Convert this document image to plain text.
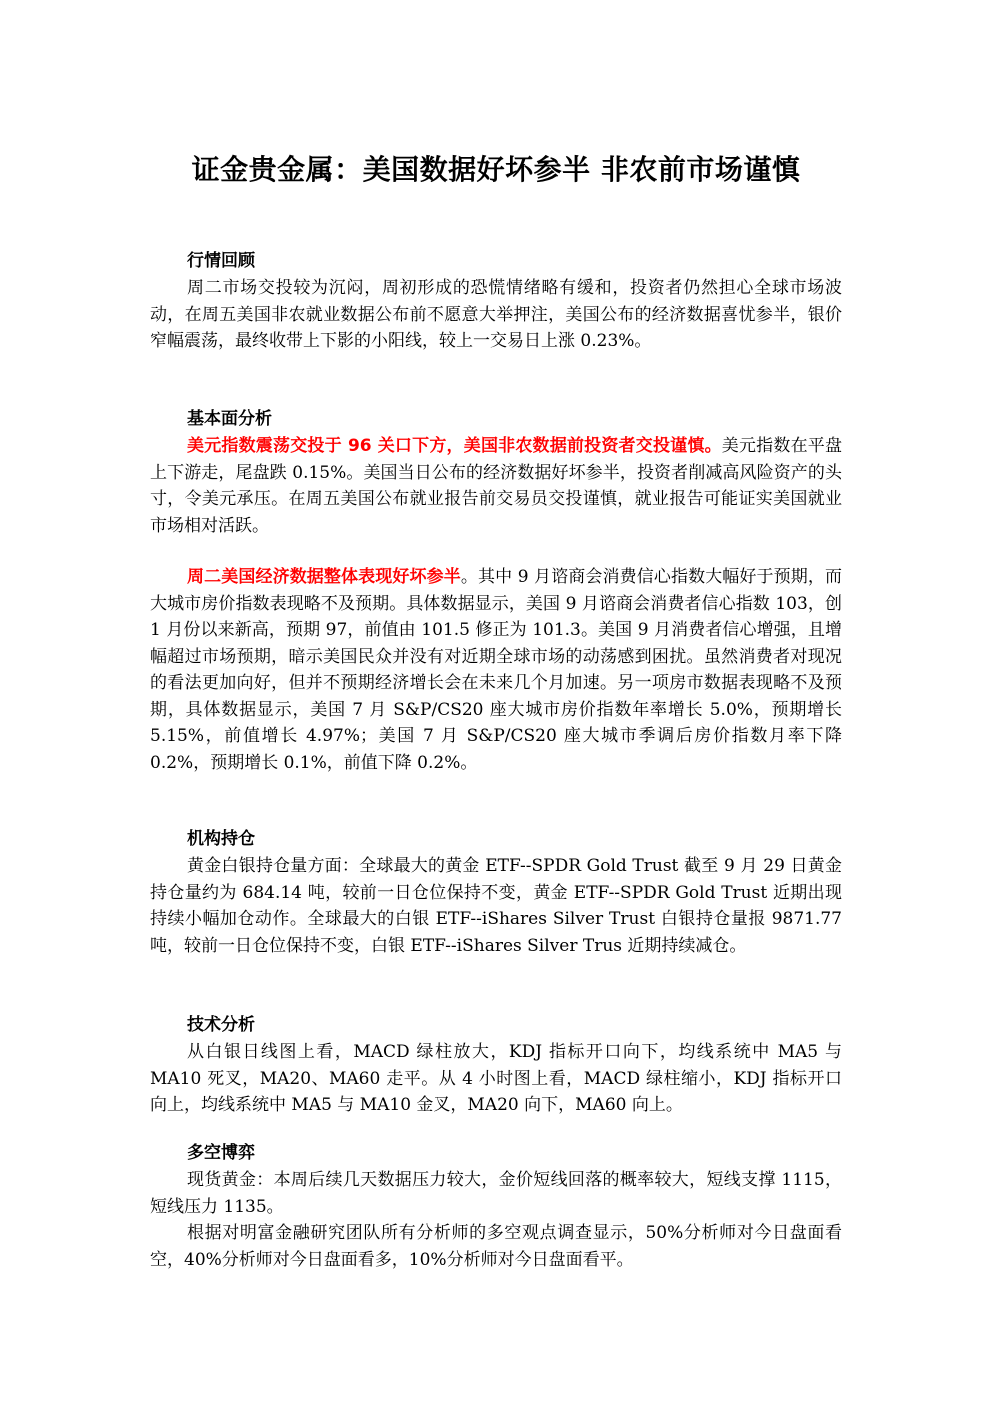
证金贵金属：美国数据好坏参半 非农前市场谨慎

行情回顾

周二市场交投较为沉闷，周初形成的恐慌情绪略有缓和，投资者仍然担心全球市场波动，在周五美国非农就业数据公布前不愿意大举押注，美国公布的经济数据喜忧参半，银价窄幅震荡，最终收带上下影的小阳线，较上一交易日上涨 0.23%。

基本面分析

美元指数震荡交投于 96 关口下方，美国非农数据前投资者交投谨慎。美元指数在平盘上下游走，尾盘跌 0.15%。美国当日公布的经济数据好坏参半，投资者削减高风险资产的头寸，令美元承压。在周五美国公布就业报告前交易员交投谨慎，就业报告可能证实美国就业市场相对活跃。

周二美国经济数据整体表现好坏参半。其中 9 月谘商会消费信心指数大幅好于预期，而大城市房价指数表现略不及预期。具体数据显示，美国 9 月谘商会消费者信心指数 103，创 1 月份以来新高，预期 97，前值由 101.5 修正为 101.3。美国 9 月消费者信心增强，且增幅超过市场预期，暗示美国民众并没有对近期全球市场的动荡感到困扰。虽然消费者对现况的看法更加向好，但并不预期经济增长会在未来几个月加速。另一项房市数据表现略不及预期，具体数据显示，美国 7 月 S&P/CS20 座大城市房价指数年率增长 5.0%，预期增长 5.15%，前值增长 4.97%；美国 7 月 S&P/CS20 座大城市季调后房价指数月率下降 0.2%，预期增长 0.1%，前值下降 0.2%。

机构持仓

黄金白银持仓量方面：全球最大的黄金 ETF--SPDR Gold Trust 截至 9 月 29 日黄金持仓量约为 684.14 吨，较前一日仓位保持不变，黄金 ETF--SPDR Gold Trust 近期出现持续小幅加仓动作。全球最大的白银 ETF--iShares Silver Trust 白银持仓量报 9871.77 吨，较前一日仓位保持不变，白银 ETF--iShares Silver Trus 近期持续减仓。

技术分析

从白银日线图上看，MACD 绿柱放大，KDJ 指标开口向下，均线系统中 MA5 与 MA10 死叉，MA20、MA60 走平。从 4 小时图上看，MACD 绿柱缩小，KDJ 指标开口向上，均线系统中 MA5 与 MA10 金叉，MA20 向下，MA60 向上。

多空博弈

现货黄金：本周后续几天数据压力较大，金价短线回落的概率较大，短线支撑 1115，短线压力 1135。

根据对明富金融研究团队所有分析师的多空观点调查显示，50%分析师对今日盘面看空，40%分析师对今日盘面看多，10%分析师对今日盘面看平。
